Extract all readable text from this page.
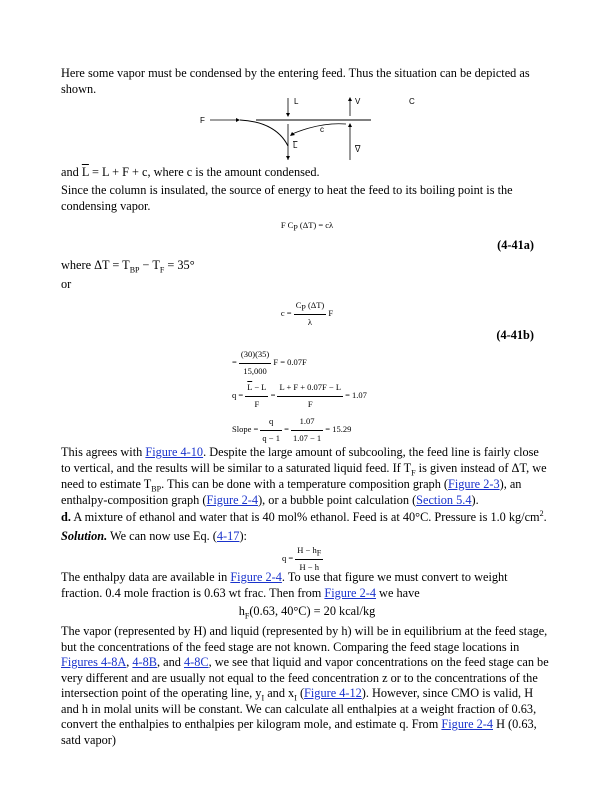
Here some vapor must be condensed by the entering feed. Thus the situation can be depicted as shown.

F
L
L
c
V
V
C

and $\overline{L} = L + F + c$, where c is the amount condensed.

Since the column is insulated, the source of energy to heat the feed to its boiling point is the condensing vapor.

F $C_P$ (ΔT) = cλ
(4-41a)

where $\Delta T = T_{BP} - T_F = 35^\circ$

or

$c = \frac{C_P (\Delta T)}{\lambda}$ F
(4-41b)
= $\frac{(30)(35)}{15,000}$ F = 0.07F
$q = \frac{\overline{L} - L}{F} = \frac{L + F + 0.07F - L}{F} = 1.07$
Slope = $\frac{q}{q - 1} = \frac{1.07}{1.07 - 1} = 15.29$

This agrees with Figure 4-10. Despite the large amount of subcooling, the feed line is fairly close to vertical, and the results will be similar to a saturated liquid feed. If $T_F$ is given instead of ΔT, we need to estimate $T_{BP}$. This can be done with a temperature composition graph (Figure 2-3), an enthalpy-composition graph (Figure 2-4), or a bubble point calculation (Section 5.4).

d. A mixture of ethanol and water that is 40 mol% ethanol. Feed is at 40°C. Pressure is 1.0 $kg/cm^2$.

Solution. We can now use Eq. (4-17):

$q = \frac{H - h_F}{H - h}$

The enthalpy data are available in Figure 2-4. To use that figure we must convert to weight fraction. 0.4 mole fraction is 0.63 wt frac. Then from Figure 2-4 we have

$h_F(0.63$, 40°C) = 20 kcal/kg

The vapor (represented by H) and liquid (represented by h) will be in equilibrium at the feed stage, but the concentrations of the feed stage are not known. Comparing the feed stage locations in Figures 4-8A, 4-8B, and 4-8C, we see that liquid and vapor concentrations on the feed stage can be very different and are usually not equal to the feed concentration z or to the concentrations of the intersection point of the operating line, $y_I$ and $x_I$ (Figure 4-12). However, since CMO is valid, H and h in molal units will be constant. We can calculate all enthalpies at a weight fraction of 0.63, convert the enthalpies to enthalpies per kilogram mole, and estimate q. From Figure 2-4 H (0.63, satd vapor)
